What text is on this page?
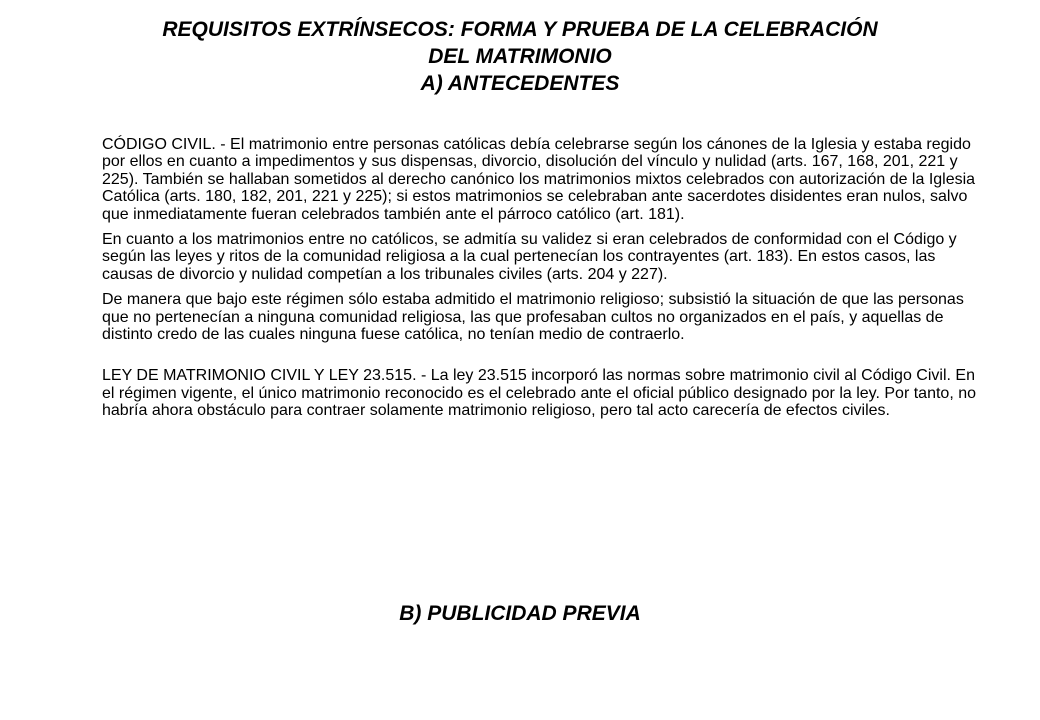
REQUISITOS EXTRÍNSECOS: FORMA Y PRUEBA DE LA CELEBRACIÓN
DEL MATRIMONIO
A) ANTECEDENTES

CÓDIGO CIVIL. - El matrimonio entre personas católicas debía celebrarse según los cánones de la Iglesia y estaba regido por ellos en cuanto a impedimentos y sus dispensas, divorcio, disolución del vínculo y nulidad (arts. 167, 168, 201, 221 y 225). También se hallaban sometidos al derecho canónico los matrimonios mixtos celebrados con autorización de la Iglesia Católica (arts. 180, 182, 201, 221 y 225); si estos matrimonios se celebraban ante sacerdotes disidentes eran nulos, salvo que inmediatamente fueran celebrados también ante el párroco católico (art. 181).

En cuanto a los matrimonios entre no católicos, se admitía su validez si eran celebrados de conformidad con el Código y según las leyes y ritos de la comunidad religiosa a la cual pertenecían los contrayentes (art. 183). En estos casos, las causas de divorcio y nulidad competían a los tribunales civiles (arts. 204 y 227).

De manera que bajo este régimen sólo estaba admitido el matrimonio religioso; subsistió la situación de que las personas que no pertenecían a ninguna comunidad religiosa, las que profesaban cultos no organizados en el país, y aquellas de distinto credo de las cuales ninguna fuese católica, no tenían medio de contraerlo.

LEY DE MATRIMONIO CIVIL Y LEY 23.515. - La ley 23.515 incorporó las normas sobre matrimonio civil al Código Civil. En el régimen vigente, el único matrimonio reconocido es el celebrado ante el oficial público designado por la ley. Por tanto, no habría ahora obstáculo para contraer solamente matrimonio religioso, pero tal acto carecería de efectos civiles.

B) PUBLICIDAD PREVIA
